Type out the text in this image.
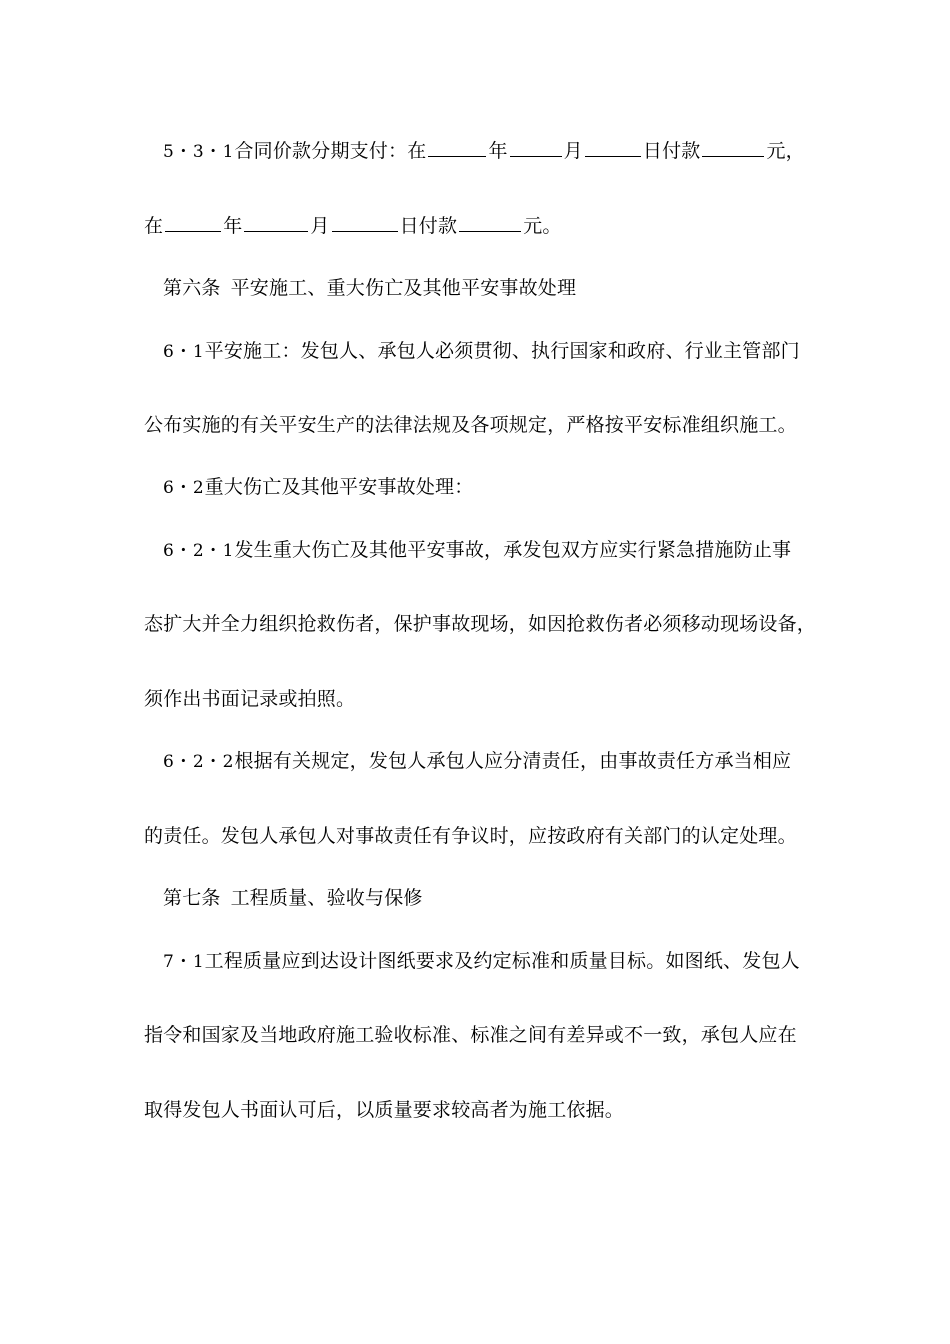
5・3・1合同价款分期支付：在	年	月	日付款	元，
在	年	月	日付款	元。
第六条 平安施工、重大伤亡及其他平安事故处理
6・1平安施工：发包人、承包人必须贯彻、执行国家和政府、行业主管部门
公布实施的有关平安生产的法律法规及各项规定，严格按平安标准组织施工。
6・2重大伤亡及其他平安事故处理：
6・2・1发生重大伤亡及其他平安事故，承发包双方应实行紧急措施防止事
态扩大并全力组织抢救伤者，保护事故现场，如因抢救伤者必须移动现场设备，
须作出书面记录或拍照。
6・2・2根据有关规定，发包人承包人应分清责任，由事故责任方承当相应
的责任。发包人承包人对事故责任有争议时，应按政府有关部门的认定处理。
第七条 工程质量、验收与保修
7・1工程质量应到达设计图纸要求及约定标准和质量目标。如图纸、发包人
指令和国家及当地政府施工验收标准、标准之间有差异或不一致，承包人应在
取得发包人书面认可后，以质量要求较高者为施工依据。
